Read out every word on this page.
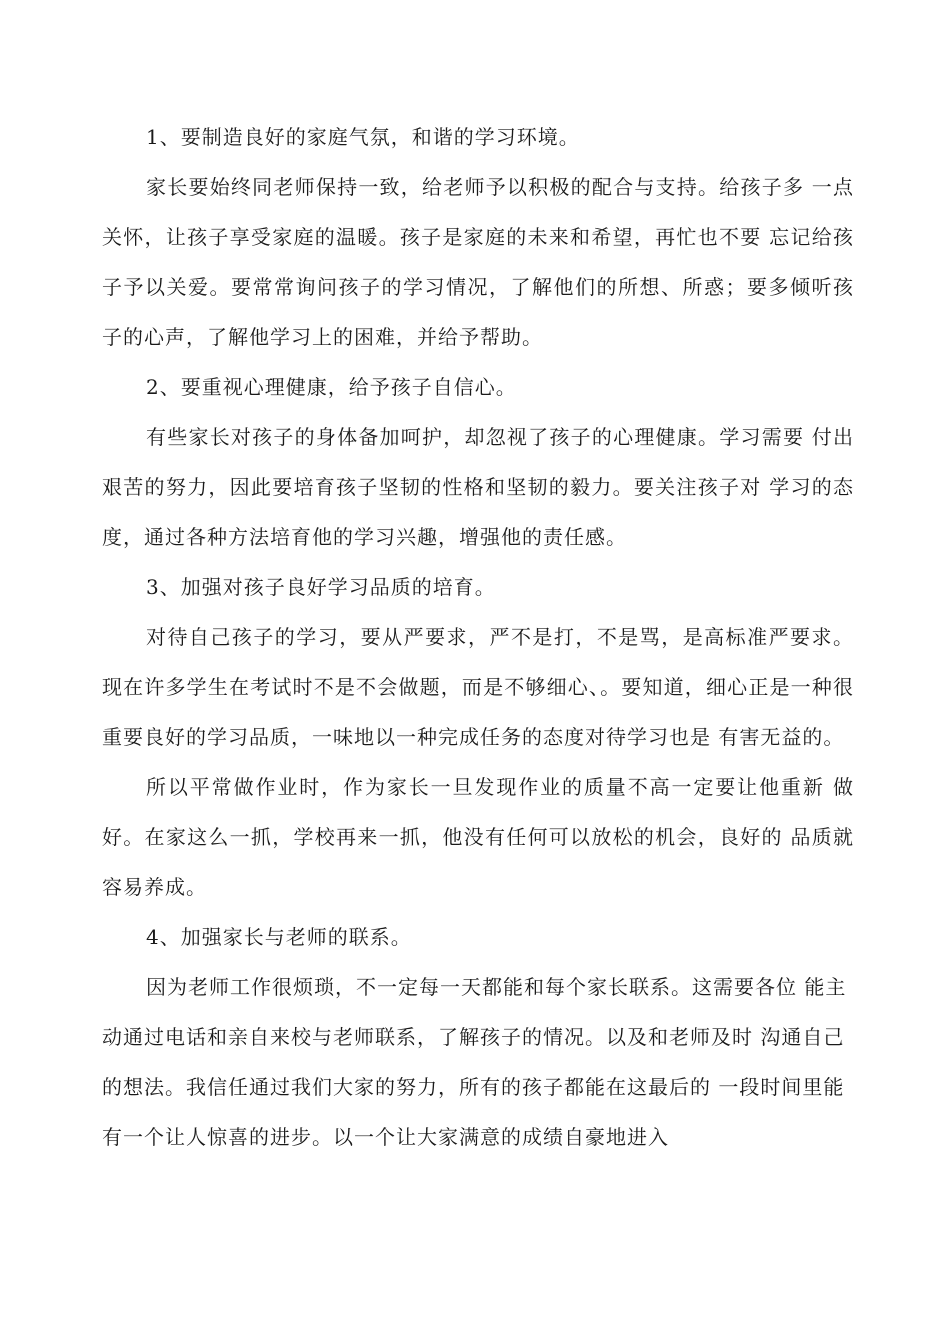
1、要制造良好的家庭气氛，和谐的学习环境。

家长要始终同老师保持一致，给老师予以积极的配合与支持。给孩子多 一点关怀，让孩子享受家庭的温暖。孩子是家庭的未来和希望，再忙也不要 忘记给孩子予以关爱。要常常询问孩子的学习情况，了解他们的所想、所惑；要多倾听孩子的心声，了解他学习上的困难，并给予帮助。

2、要重视心理健康，给予孩子自信心。

有些家长对孩子的身体备加呵护，却忽视了孩子的心理健康。学习需要 付出艰苦的努力，因此要培育孩子坚韧的性格和坚韧的毅力。要关注孩子对 学习的态度，通过各种方法培育他的学习兴趣，增强他的责任感。

3、加强对孩子良好学习品质的培育。

对待自己孩子的学习，要从严要求，严不是打，不是骂，是高标准严要求。现在许多学生在考试时不是不会做题，而是不够细心、。要知道，细心正是一种很重要良好的学习品质，一味地以一种完成任务的态度对待学习也是 有害无益的。

所以平常做作业时，作为家长一旦发现作业的质量不高一定要让他重新 做好。在家这么一抓，学校再来一抓，他没有任何可以放松的机会，良好的 品质就容易养成。

4、加强家长与老师的联系。

因为老师工作很烦琐，不一定每一天都能和每个家长联系。这需要各位 能主动通过电话和亲自来校与老师联系，了解孩子的情况。以及和老师及时 沟通自己的想法。我信任通过我们大家的努力，所有的孩子都能在这最后的 一段时间里能有一个让人惊喜的进步。以一个让大家满意的成绩自豪地进入
